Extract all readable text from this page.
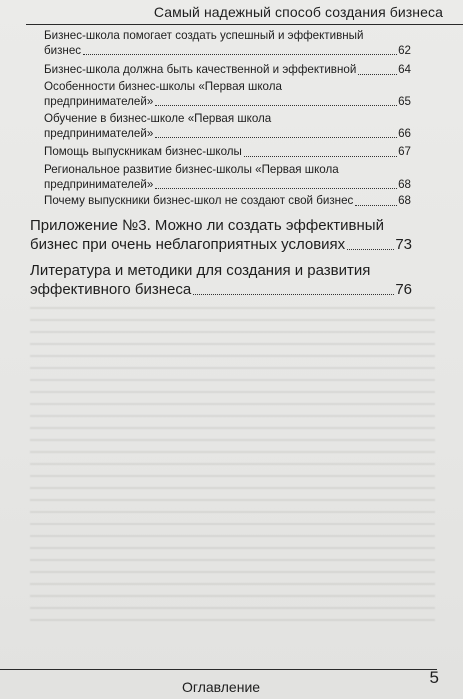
Самый надежный способ создания бизнеса
Бизнес-школа помогает создать успешный и эффективный
бизнес	62
Бизнес-школа должна быть качественной и эффективной	64
Особенности бизнес-школы «Первая школа
предпринимателей»	65
Обучение в бизнес-школе «Первая школа
предпринимателей»	66
Помощь выпускникам бизнес-школы	67
Региональное развитие бизнес-школы «Первая школа
предпринимателей»	68
Почему выпускники бизнес-школ не создают свой бизнес	68
Приложение №3. Можно ли создать эффективный
бизнес при очень неблагоприятных условиях	73
Литература и методики для создания и развития
эффективного бизнеса	76
Оглавление	5
